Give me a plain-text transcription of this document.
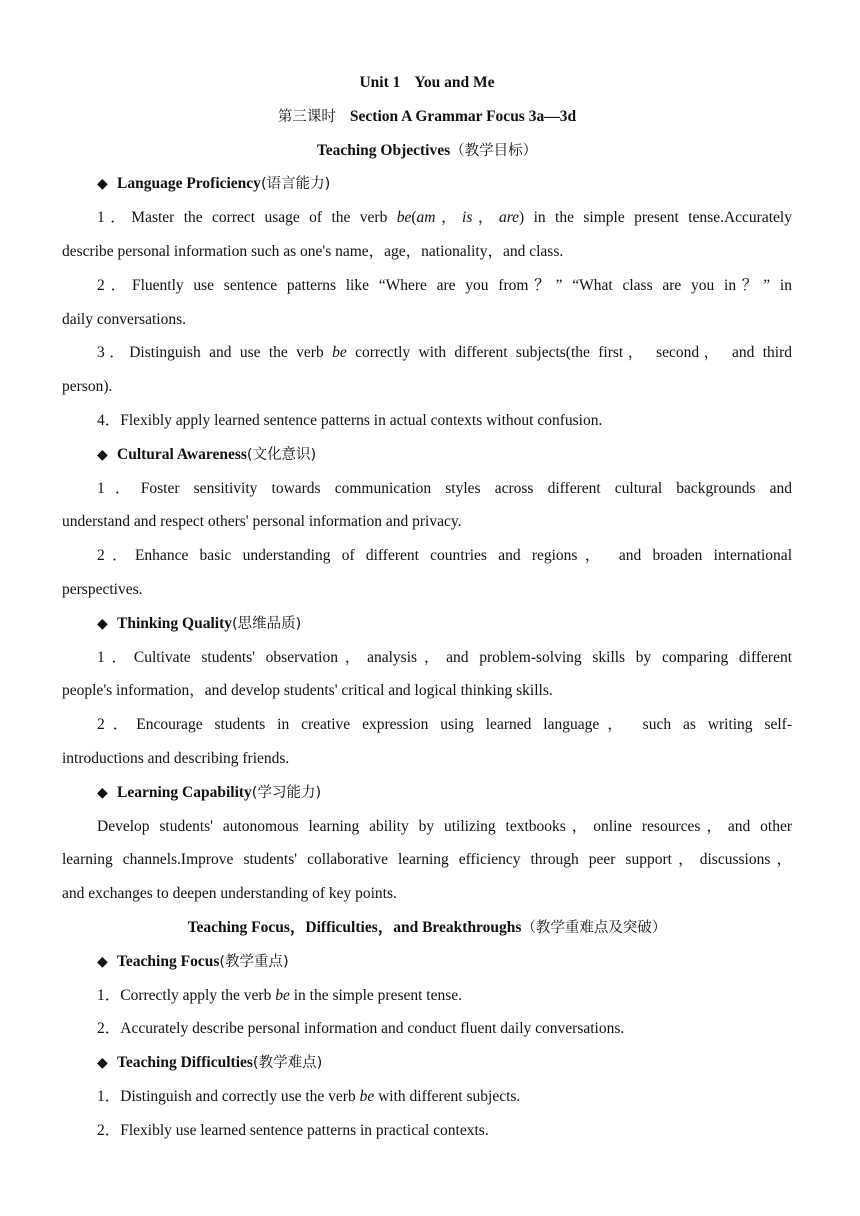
Unit 1 You and Me
第三课时 Section A Grammar Focus 3a—3d
Teaching Objectives（教学目标）
◆ Language Proficiency(语言能力)
1．Master the correct usage of the verb be(am，is，are) in the simple present tense.Accurately
describe personal information such as one's name，age，nationality，and class.
2．Fluently use sentence patterns like “Where are you from？” “What class are you in？” in
daily conversations.
3．Distinguish and use the verb be correctly with different subjects(the first， second， and third
person).
4．Flexibly apply learned sentence patterns in actual contexts without confusion.
◆ Cultural Awareness(文化意识)
1．Foster sensitivity towards communication styles across different cultural backgrounds and
understand and respect others' personal information and privacy.
2．Enhance basic understanding of different countries and regions， and broaden international
perspectives.
◆ Thinking Quality(思维品质)
1．Cultivate students' observation，analysis，and problem‑solving skills by comparing different
people's information，and develop students' critical and logical thinking skills.
2．Encourage students in creative expression using learned language， such as writing self‑
introductions and describing friends.
◆ Learning Capability(学习能力)
Develop students' autonomous learning ability by utilizing textbooks，online resources，and other
learning channels.Improve students' collaborative learning efficiency through peer support，discussions，
and exchanges to deepen understanding of key points.
Teaching Focus，Difficulties，and Breakthroughs（教学重难点及突破）
◆ Teaching Focus(教学重点)
1．Correctly apply the verb be in the simple present tense.
2．Accurately describe personal information and conduct fluent daily conversations.
◆ Teaching Difficulties(教学难点)
1．Distinguish and correctly use the verb be with different subjects.
2．Flexibly use learned sentence patterns in practical contexts.
